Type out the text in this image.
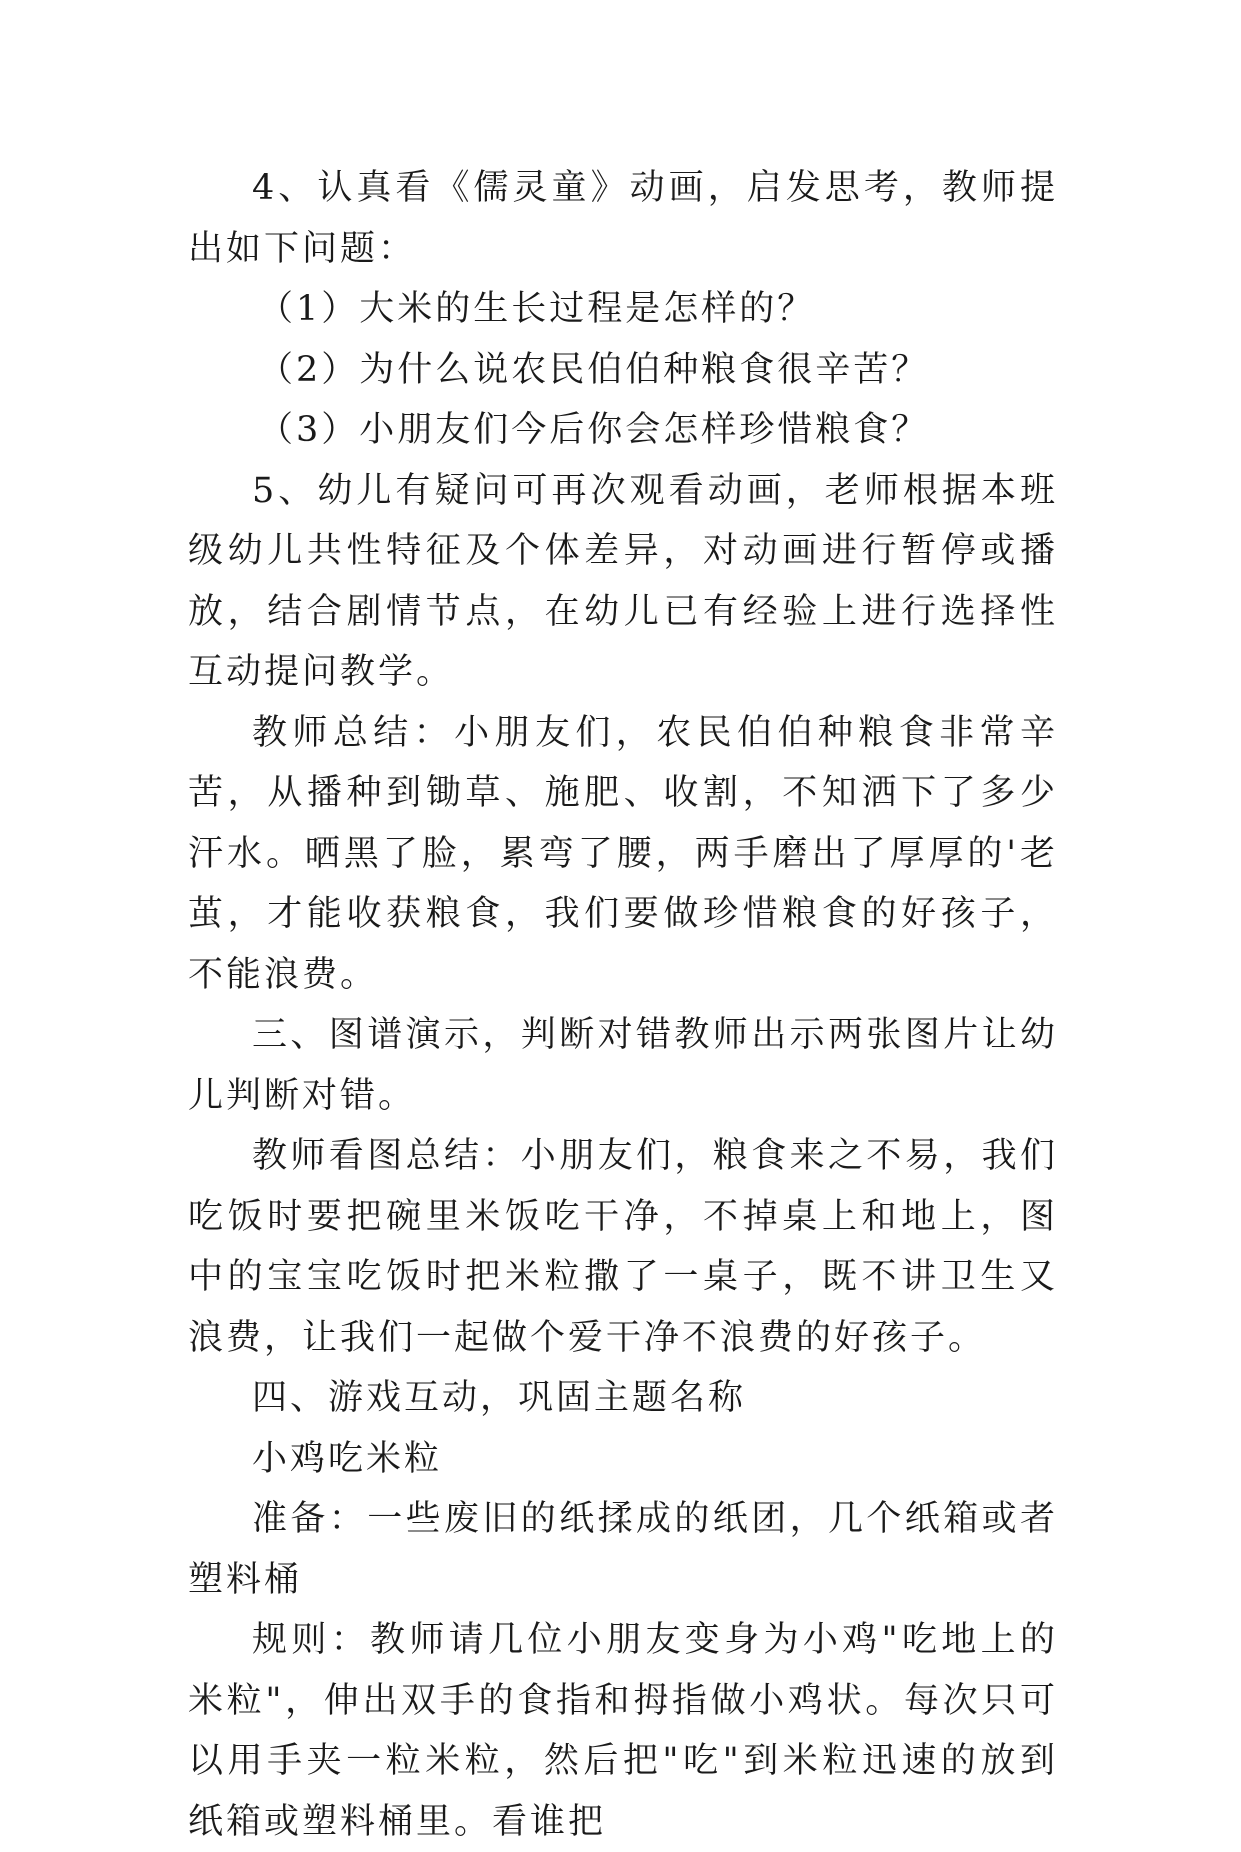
4、认真看《儒灵童》动画，启发思考，教师提出如下问题：

（1）大米的生长过程是怎样的？

（2）为什么说农民伯伯种粮食很辛苦？

（3）小朋友们今后你会怎样珍惜粮食？

5、幼儿有疑问可再次观看动画，老师根据本班级幼儿共性特征及个体差异，对动画进行暂停或播放，结合剧情节点，在幼儿已有经验上进行选择性互动提问教学。

教师总结：小朋友们，农民伯伯种粮食非常辛苦，从播种到锄草、施肥、收割，不知洒下了多少汗水。晒黑了脸，累弯了腰，两手磨出了厚厚的'老茧，才能收获粮食，我们要做珍惜粮食的好孩子，不能浪费。

三、图谱演示，判断对错教师出示两张图片让幼儿判断对错。

教师看图总结：小朋友们，粮食来之不易，我们吃饭时要把碗里米饭吃干净，不掉桌上和地上，图中的宝宝吃饭时把米粒撒了一桌子，既不讲卫生又浪费，让我们一起做个爱干净不浪费的好孩子。

四、游戏互动，巩固主题名称

小鸡吃米粒

准备：一些废旧的纸揉成的纸团，几个纸箱或者塑料桶

规则：教师请几位小朋友变身为小鸡"吃地上的米粒"，伸出双手的食指和拇指做小鸡状。每次只可以用手夹一粒米粒，然后把"吃"到米粒迅速的放到纸箱或塑料桶里。看谁把
